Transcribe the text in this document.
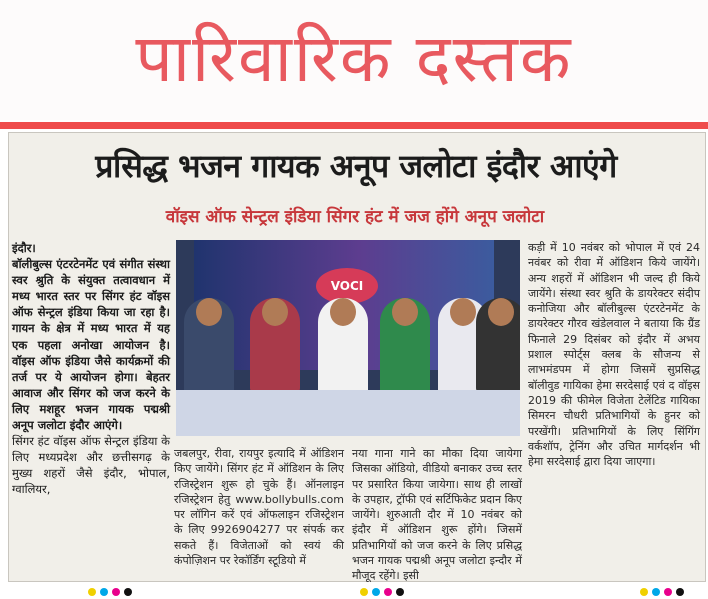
पारिवारिक दस्तक
प्रसिद्ध भजन गायक अनूप जलोटा इंदौर आएंगे
वॉइस ऑफ सेन्ट्रल इंडिया सिंगर हंट में जज होंगे अनूप जलोटा

इंदौर।

बॉलीबुल्स एंटरटेनमेंट एवं संगीत संस्था स्वर श्रुति के संयुक्त तत्वावधान में मध्य भारत स्तर पर सिंगर हंट वॉइस ऑफ सेन्ट्रल इंडिया किया जा रहा है। गायन के क्षेत्र में मध्य भारत में यह एक पहला अनोखा आयोजन है। वॉइस ऑफ इंडिया जैसे कार्यक्रमों की तर्ज पर ये आयोजन होगा। बेहतर आवाज और सिंगर को जज करने के लिए मशहूर भजन गायक पद्मश्री अनूप जलोटा इंदौर आएंगे।

सिंगर हंट वॉइस ऑफ सेन्ट्रल इंडिया के लिए मध्यप्रदेश और छत्तीसगढ़ के मुख्य शहरों जैसे इंदौर, भोपाल, ग्वालियर,

VOCI
जबलपुर, रीवा, रायपुर इत्यादि में ऑडिशन किए जायेंगे। सिंगर हंट में ऑडिशन के लिए रजिस्ट्रेशन शुरू हो चुके हैं। ऑनलाइन रजिस्ट्रेशन हेतु www.bollybulls.com पर लॉगिन करें एवं ऑफलाइन रजिस्ट्रेशन के लिए 9926904277 पर संपर्क कर सकते हैं। विजेताओं को स्वयं की कंपोज़िशन पर रेकॉर्डिंग स्टूडियो में
नया गाना गाने का मौका दिया जायेगा जिसका ऑडियो, वीडियो बनाकर उच्च स्तर पर प्रसारित किया जायेगा। साथ ही लाखों के उपहार, ट्रॉफी एवं सर्टिफिकेट प्रदान किए जायेंगे। शुरुआती दौर में 10 नवंबर को इंदौर में ऑडिशन शुरू होंगे। जिसमें प्रतिभागियों को जज करने के लिए प्रसिद्ध भजन गायक पद्मश्री अनूप जलोटा इन्दौर में मौजूद रहेंगे। इसी
कड़ी में 10 नवंबर को भोपाल में एवं 24 नवंबर को रीवा में ऑडिशन किये जायेंगे। अन्य शहरों में ऑडिशन भी जल्द ही किये जायेंगे। संस्था स्वर श्रुति के डायरेक्टर संदीप कनोजिया और बॉलीबुल्स एंटरटेनमेंट के डायरेक्टर गौरव खंडेलवाल ने बताया कि ग्रैंड फिनाले 29 दिसंबर को इंदौर में अभय प्रशाल स्पोर्ट्स क्लब के सौजन्य से लाभमंडपम में होगा जिसमें सुप्रसिद्ध बॉलीवुड गायिका हेमा सरदेसाई एवं द वॉइस 2019 की फीमेल विजेता टेलेंटिड गायिका सिमरन चौधरी प्रतिभागियों के हुनर को परखेंगी। प्रतिभागियों के लिए सिंगिंग वर्कशॉप, ट्रेनिंग और उचित मार्गदर्शन भी हेमा सरदेसाई द्वारा दिया जाएगा।
